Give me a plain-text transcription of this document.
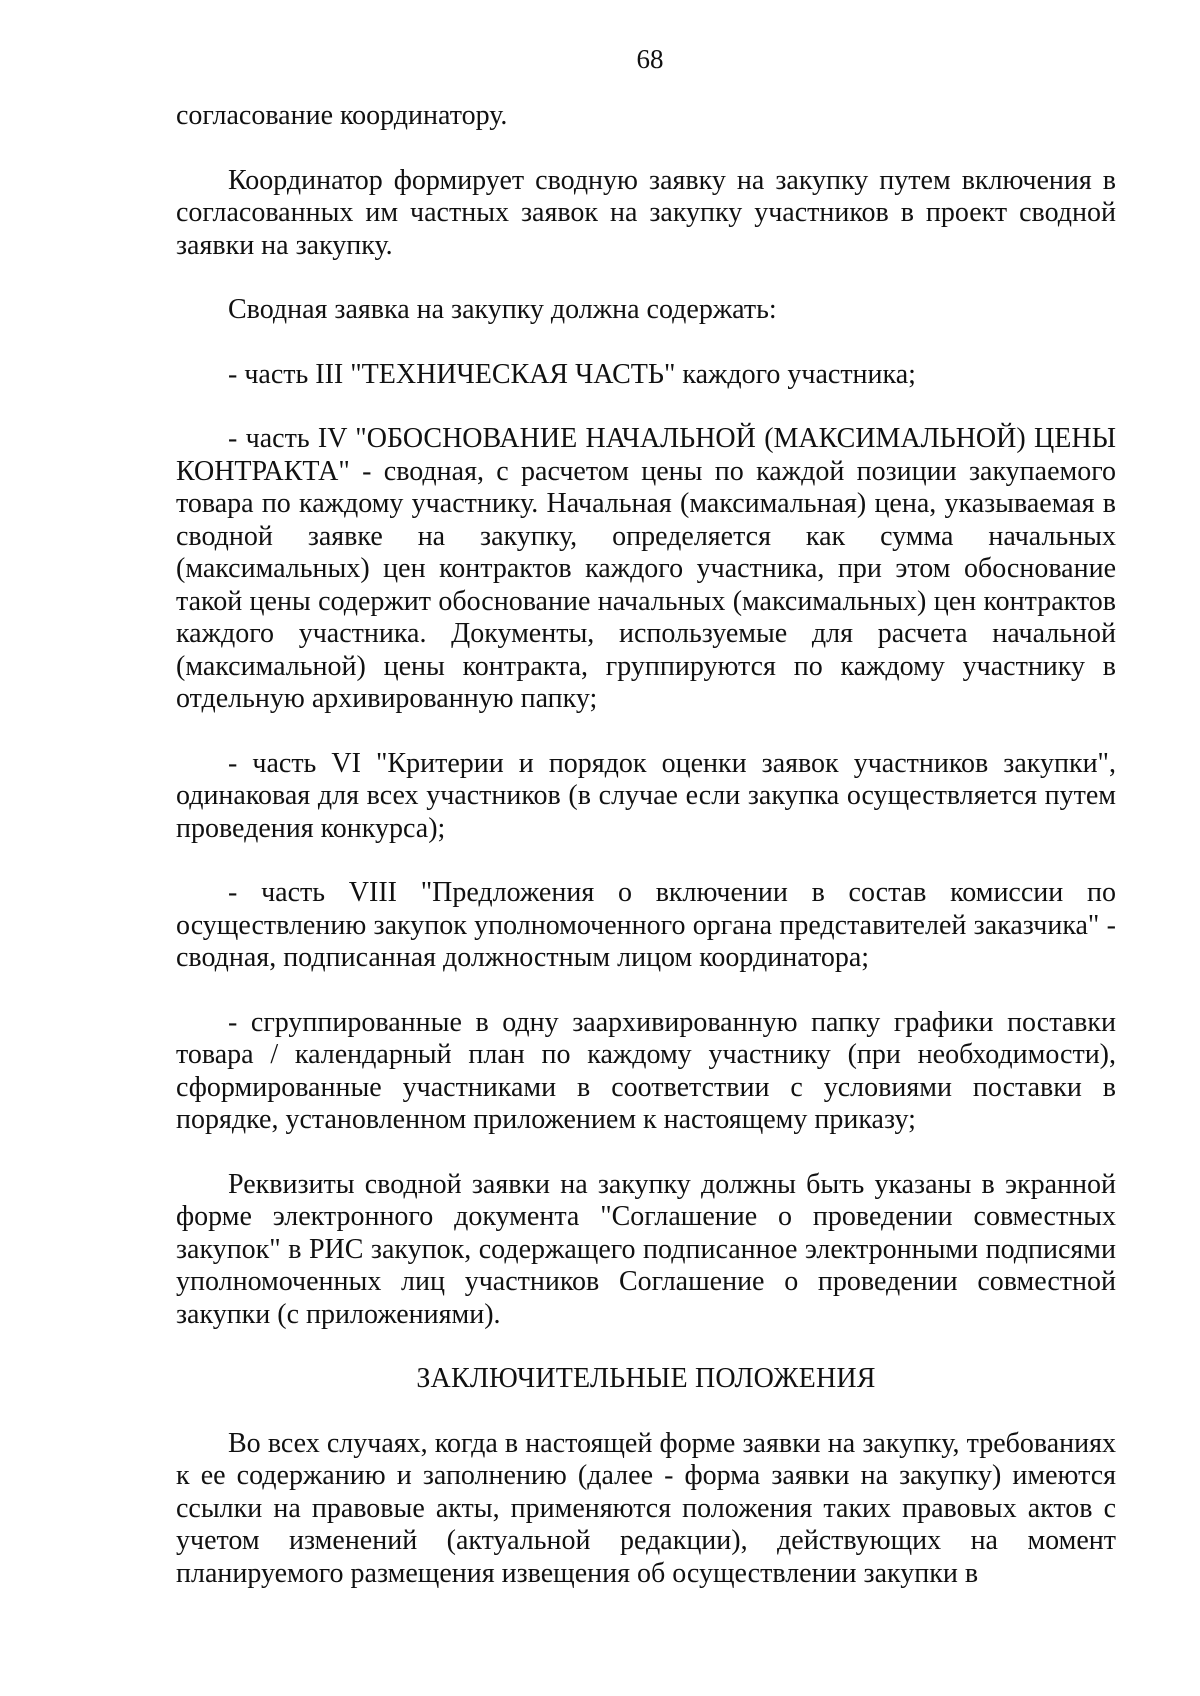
68

согласование координатору.

Координатор формирует сводную заявку на закупку путем включения в согласованных им частных заявок на закупку участников в проект сводной заявки на закупку.

Сводная заявка на закупку должна содержать:

- часть III "ТЕХНИЧЕСКАЯ ЧАСТЬ" каждого участника;

- часть IV "ОБОСНОВАНИЕ НАЧАЛЬНОЙ (МАКСИМАЛЬНОЙ) ЦЕНЫ КОНТРАКТА" - сводная, с расчетом цены по каждой позиции закупаемого товара по каждому участнику. Начальная (максимальная) цена, указываемая в сводной заявке на закупку, определяется как сумма начальных (максимальных) цен контрактов каждого участника, при этом обоснование такой цены содержит обоснование начальных (максимальных) цен контрактов каждого участника. Документы, используемые для расчета начальной (максимальной) цены контракта, группируются по каждому участнику в отдельную архивированную папку;

- часть VI "Критерии и порядок оценки заявок участников закупки", одинаковая для всех участников (в случае если закупка осуществляется путем проведения конкурса);

- часть VIII "Предложения о включении в состав комиссии по осуществлению закупок уполномоченного органа представителей заказчика" - сводная, подписанная должностным лицом координатора;

- сгруппированные в одну заархивированную папку графики поставки товара / календарный план по каждому участнику (при необходимости), сформированные участниками в соответствии с условиями поставки в порядке, установленном приложением к настоящему приказу;

Реквизиты сводной заявки на закупку должны быть указаны в экранной форме электронного документа "Соглашение о проведении совместных закупок" в РИС закупок, содержащего подписанное электронными подписями уполномоченных лиц участников Соглашение о проведении совместной закупки (с приложениями).

ЗАКЛЮЧИТЕЛЬНЫЕ ПОЛОЖЕНИЯ

Во всех случаях, когда в настоящей форме заявки на закупку, требованиях к ее содержанию и заполнению (далее - форма заявки на закупку) имеются ссылки на правовые акты, применяются положения таких правовых актов с учетом изменений (актуальной редакции), действующих на момент планируемого размещения извещения об осуществлении закупки в
